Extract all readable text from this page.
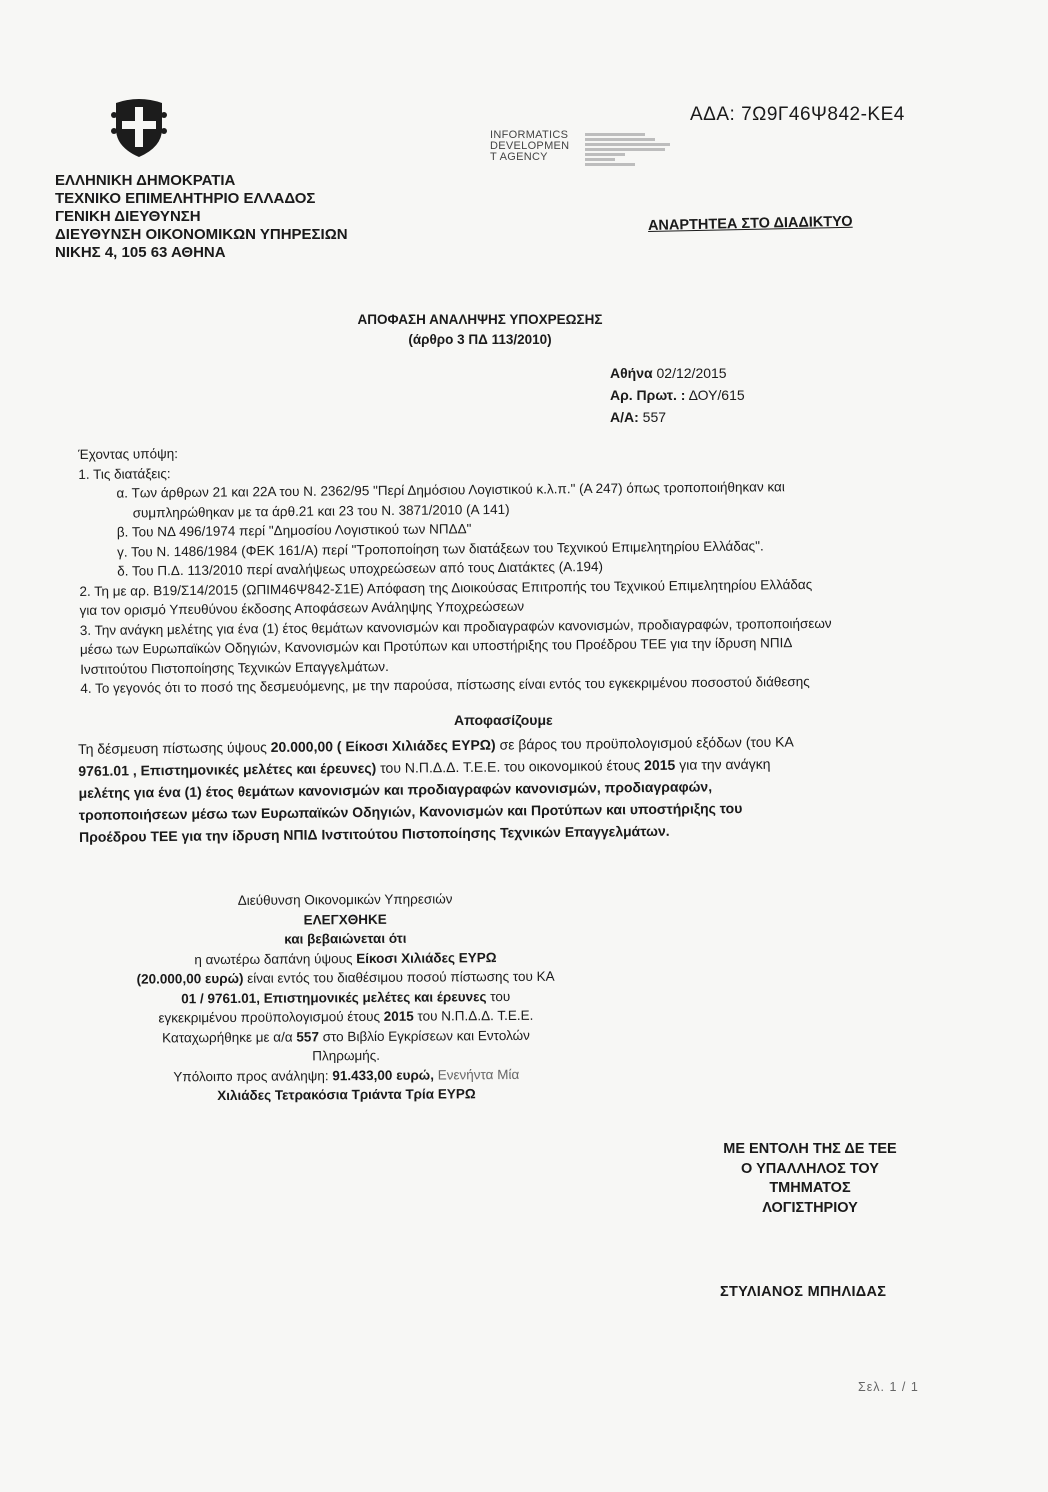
ΕΛΛΗΝΙΚΗ ΔΗΜΟΚΡΑΤΙΑ
ΤΕΧΝΙΚΟ ΕΠΙΜΕΛΗΤΗΡΙΟ ΕΛΛΑΔΟΣ
ΓΕΝΙΚΗ ΔΙΕΥΘΥΝΣΗ
ΔΙΕΥΘΥΝΣΗ ΟΙΚΟΝΟΜΙΚΩΝ ΥΠΗΡΕΣΙΩΝ
ΝΙΚΗΣ 4, 105 63 ΑΘΗΝΑ
ΑΔΑ: 7Ω9Γ46Ψ842-ΚΕ4
INFORMATICS
DEVELOPMEN
T AGENCY
ΑΝΑΡΤΗΤΕΑ ΣΤΟ ΔΙΑΔΙΚΤΥΟ
ΑΠΟΦΑΣΗ ΑΝΑΛΗΨΗΣ ΥΠΟΧΡΕΩΣΗΣ
(άρθρο 3 ΠΔ 113/2010)
Αθήνα 02/12/2015
Αρ. Πρωτ. : ΔΟΥ/615
Α/Α: 557
Έχοντας υπόψη:
1. Τις διατάξεις:
α. Των άρθρων 21 και 22Α του Ν. 2362/95 "Περί Δημόσιου Λογιστικού κ.λ.π." (Α 247) όπως τροποποιήθηκαν και
συμπληρώθηκαν με τα άρθ.21 και 23 του Ν. 3871/2010 (Α 141)
β. Του ΝΔ 496/1974 περί "Δημοσίου Λογιστικού των ΝΠΔΔ"
γ. Του Ν. 1486/1984 (ΦΕΚ 161/Α) περί "Τροποποίηση των διατάξεων του Τεχνικού Επιμελητηρίου Ελλάδας".
δ. Του Π.Δ. 113/2010 περί αναλήψεως υποχρεώσεων από τους Διατάκτες (Α.194)
2. Τη με αρ. Β19/Σ14/2015 (ΩΠΙΜ46Ψ842-Σ1Ε) Απόφαση της Διοικούσας Επιτροπής του Τεχνικού Επιμελητηρίου Ελλάδας
για τον ορισμό Υπευθύνου έκδοσης Αποφάσεων Ανάληψης Υποχρεώσεων
3. Την ανάγκη μελέτης για ένα (1) έτος θεμάτων κανονισμών και προδιαγραφών κανονισμών, προδιαγραφών, τροποποιήσεων
μέσω των Ευρωπαϊκών Οδηγιών, Κανονισμών και Προτύπων και υποστήριξης του Προέδρου ΤΕΕ για την ίδρυση ΝΠΙΔ
Ινστιτούτου Πιστοποίησης Τεχνικών Επαγγελμάτων.
4. Το γεγονός ότι το ποσό της δεσμευόμενης, με την παρούσα, πίστωσης είναι εντός του εγκεκριμένου ποσοστού διάθεσης
Αποφασίζουμε
Τη δέσμευση πίστωσης ύψους 20.000,00 ( Είκοσι Χιλιάδες ΕΥΡΩ) σε βάρος του προϋπολογισμού εξόδων (του ΚΑ
9761.01 , Επιστημονικές μελέτες και έρευνες) του Ν.Π.Δ.Δ. Τ.Ε.Ε. του οικονομικού έτους 2015 για την ανάγκη
μελέτης για ένα (1) έτος θεμάτων κανονισμών και προδιαγραφών κανονισμών, προδιαγραφών,
τροποποιήσεων μέσω των Ευρωπαϊκών Οδηγιών, Κανονισμών και Προτύπων και υποστήριξης του
Προέδρου ΤΕΕ για την ίδρυση ΝΠΙΔ Ινστιτούτου Πιστοποίησης Τεχνικών Επαγγελμάτων.
Διεύθυνση Οικονομικών Υπηρεσιών
ΕΛΕΓΧΘΗΚΕ
και βεβαιώνεται ότι
η ανωτέρω δαπάνη ύψους Είκοσι Χιλιάδες ΕΥΡΩ
(20.000,00 ευρώ) είναι εντός του διαθέσιμου ποσού πίστωσης του ΚΑ
01 / 9761.01, Επιστημονικές μελέτες και έρευνες του
εγκεκριμένου προϋπολογισμού έτους 2015 του Ν.Π.Δ.Δ. Τ.Ε.Ε.
Καταχωρήθηκε με α/α 557 στο Βιβλίο Εγκρίσεων και Εντολών
Πληρωμής.
Υπόλοιπο προς ανάληψη: 91.433,00 ευρώ, Ενενήντα Μία
Χιλιάδες Τετρακόσια Τριάντα Τρία ΕΥΡΩ
ΜΕ ΕΝΤΟΛΗ ΤΗΣ ΔΕ ΤΕΕ
Ο ΥΠΑΛΛΗΛΟΣ ΤΟΥ
ΤΜΗΜΑΤΟΣ
ΛΟΓΙΣΤΗΡΙΟΥ
ΣΤΥΛΙΑΝΟΣ ΜΠΗΛΙΔΑΣ
Σελ. 1 / 1
